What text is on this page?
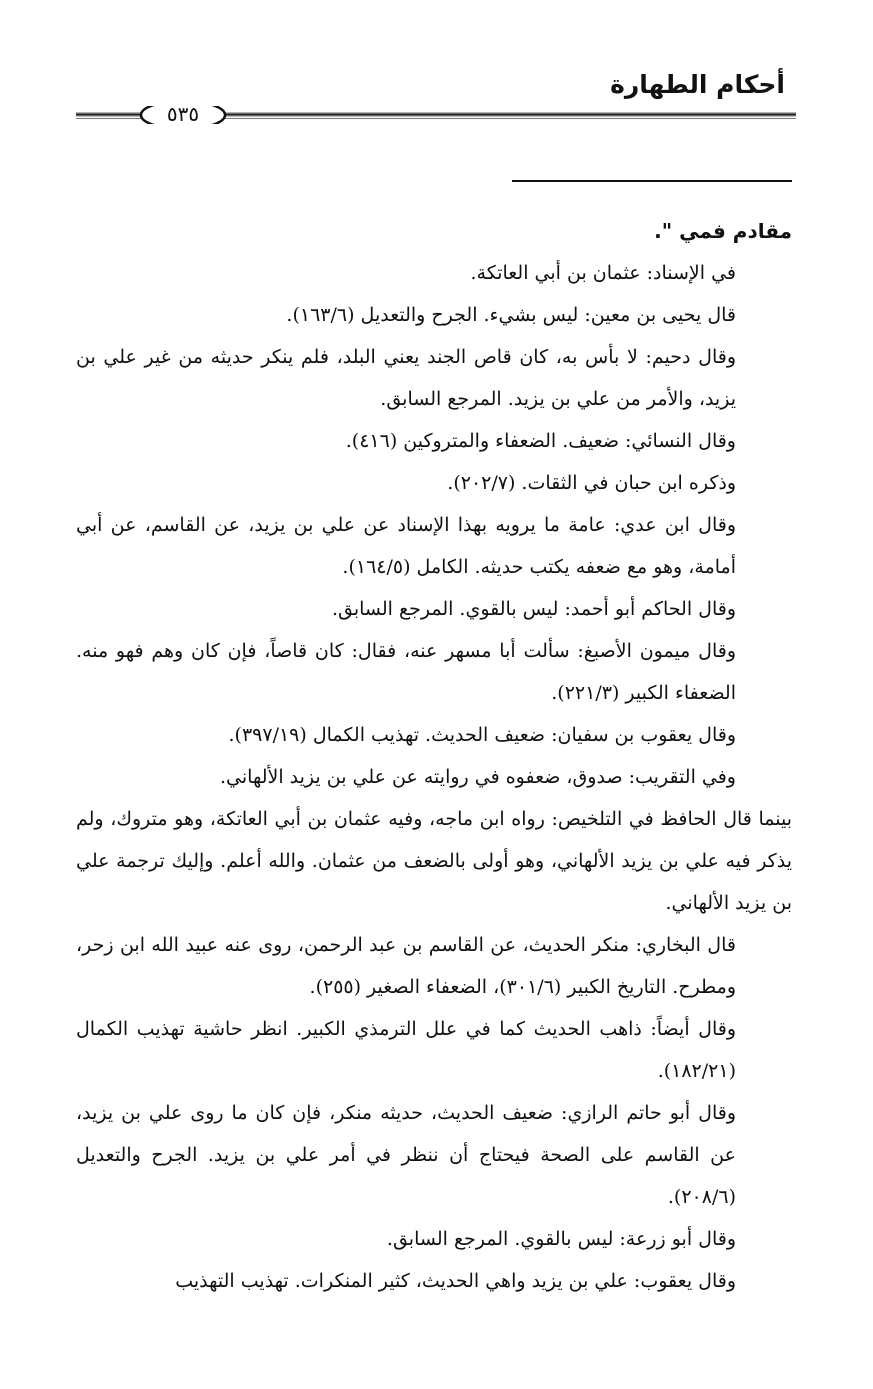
أحكام الطهارة
٥٣٥

مقادم فمي ".

في الإسناد: عثمان بن أبي العاتكة.

قال يحيى بن معين: ليس بشيء. الجرح والتعديل (١٦٣/٦).

وقال دحيم: لا بأس به، كان قاص الجند يعني البلد، فلم ينكر حديثه من غير علي بن يزيد، والأمر من علي بن يزيد. المرجع السابق.

وقال النسائي: ضعيف. الضعفاء والمتروكين (٤١٦).

وذكره ابن حبان في الثقات. (٢٠٢/٧).

وقال ابن عدي: عامة ما يرويه بهذا الإسناد عن علي بن يزيد، عن القاسم، عن أبي أمامة، وهو مع ضعفه يكتب حديثه. الكامل (١٦٤/٥).

وقال الحاكم أبو أحمد: ليس بالقوي. المرجع السابق.

وقال ميمون الأصبغ: سألت أبا مسهر عنه، فقال: كان قاصاً، فإن كان وهم فهو منه. الضعفاء الكبير (٢٢١/٣).

وقال يعقوب بن سفيان: ضعيف الحديث. تهذيب الكمال (٣٩٧/١٩).

وفي التقريب: صدوق، ضعفوه في روايته عن علي بن يزيد الألهاني.

بينما قال الحافظ في التلخيص: رواه ابن ماجه، وفيه عثمان بن أبي العاتكة، وهو متروك، ولم يذكر فيه علي بن يزيد الألهاني، وهو أولى بالضعف من عثمان. والله أعلم. وإليك ترجمة علي بن يزيد الألهاني.

قال البخاري: منكر الحديث، عن القاسم بن عبد الرحمن، روى عنه عبيد الله ابن زحر، ومطرح. التاريخ الكبير (٣٠١/٦)، الضعفاء الصغير (٢٥٥).

وقال أيضاً: ذاهب الحديث كما في علل الترمذي الكبير. انظر حاشية تهذيب الكمال (١٨٢/٢١).

وقال أبو حاتم الرازي: ضعيف الحديث، حديثه منكر، فإن كان ما روى علي بن يزيد، عن القاسم على الصحة فيحتاج أن ننظر في أمر علي بن يزيد. الجرح والتعديل (٢٠٨/٦).

وقال أبو زرعة: ليس بالقوي. المرجع السابق.

وقال يعقوب: علي بن يزيد واهي الحديث، كثير المنكرات. تهذيب التهذيب
